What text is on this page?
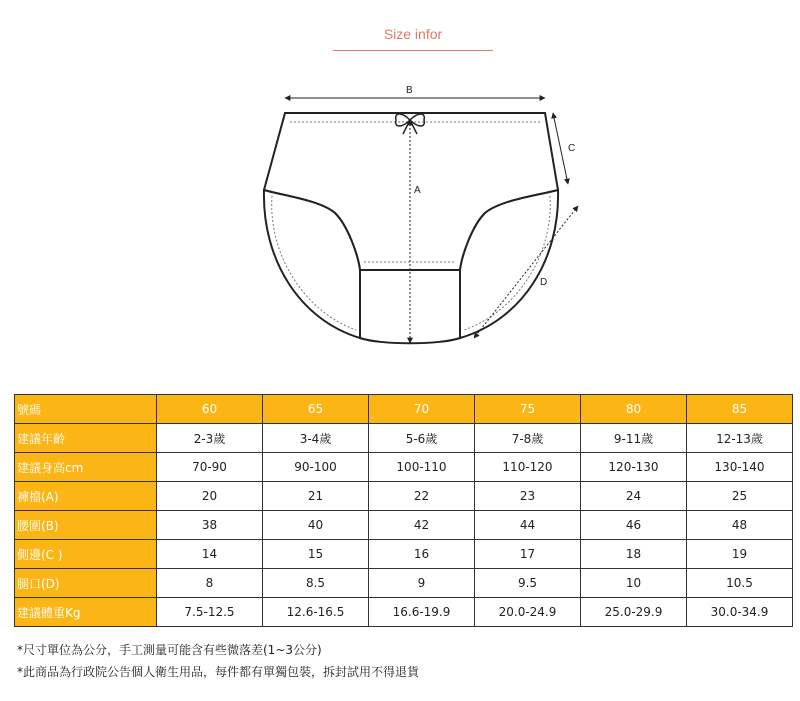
Size infor
B
A
C
D
號碼	60	65	70	75	80	85
建議年齡	2-3歲	3-4歲	5-6歲	7-8歲	9-11歲	12-13歲
建議身高cm	70-90	90-100	100-110	110-120	120-130	130-140
褲檔(A)	20	21	22	23	24	25
腰圍(B)	38	40	42	44	46	48
側邊(C )	14	15	16	17	18	19
腿口(D)	8	8.5	9	9.5	10	10.5
建議體重Kg	7.5-12.5	12.6-16.5	16.6-19.9	20.0-24.9	25.0-29.9	30.0-34.9
*尺寸單位為公分，手工測量可能含有些微落差(1~3公分)
*此商品為行政院公告個人衛生用品，每件都有單獨包裝，拆封試用不得退貨
